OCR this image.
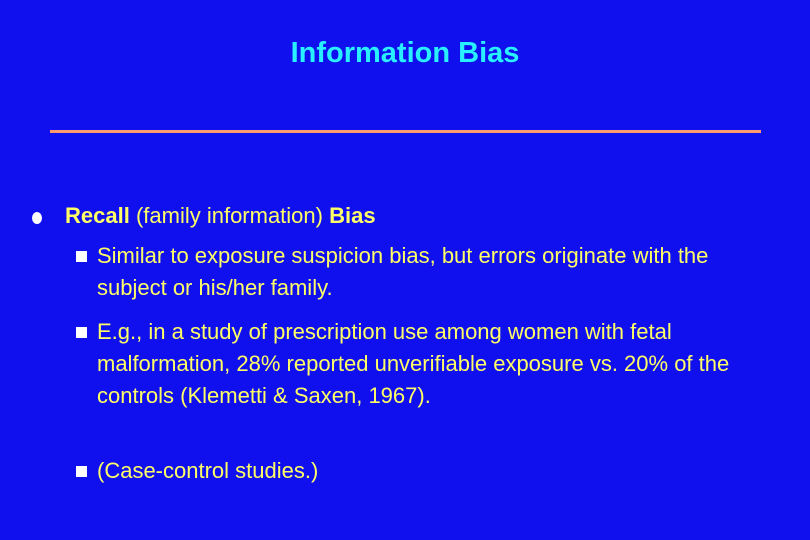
Information Bias
Recall (family information) Bias
Similar to exposure suspicion bias, but errors originate with the subject or his/her family.
E.g., in a study of prescription use among women with fetal malformation, 28% reported unverifiable exposure vs. 20% of the controls (Klemetti & Saxen, 1967).
(Case-control studies.)
